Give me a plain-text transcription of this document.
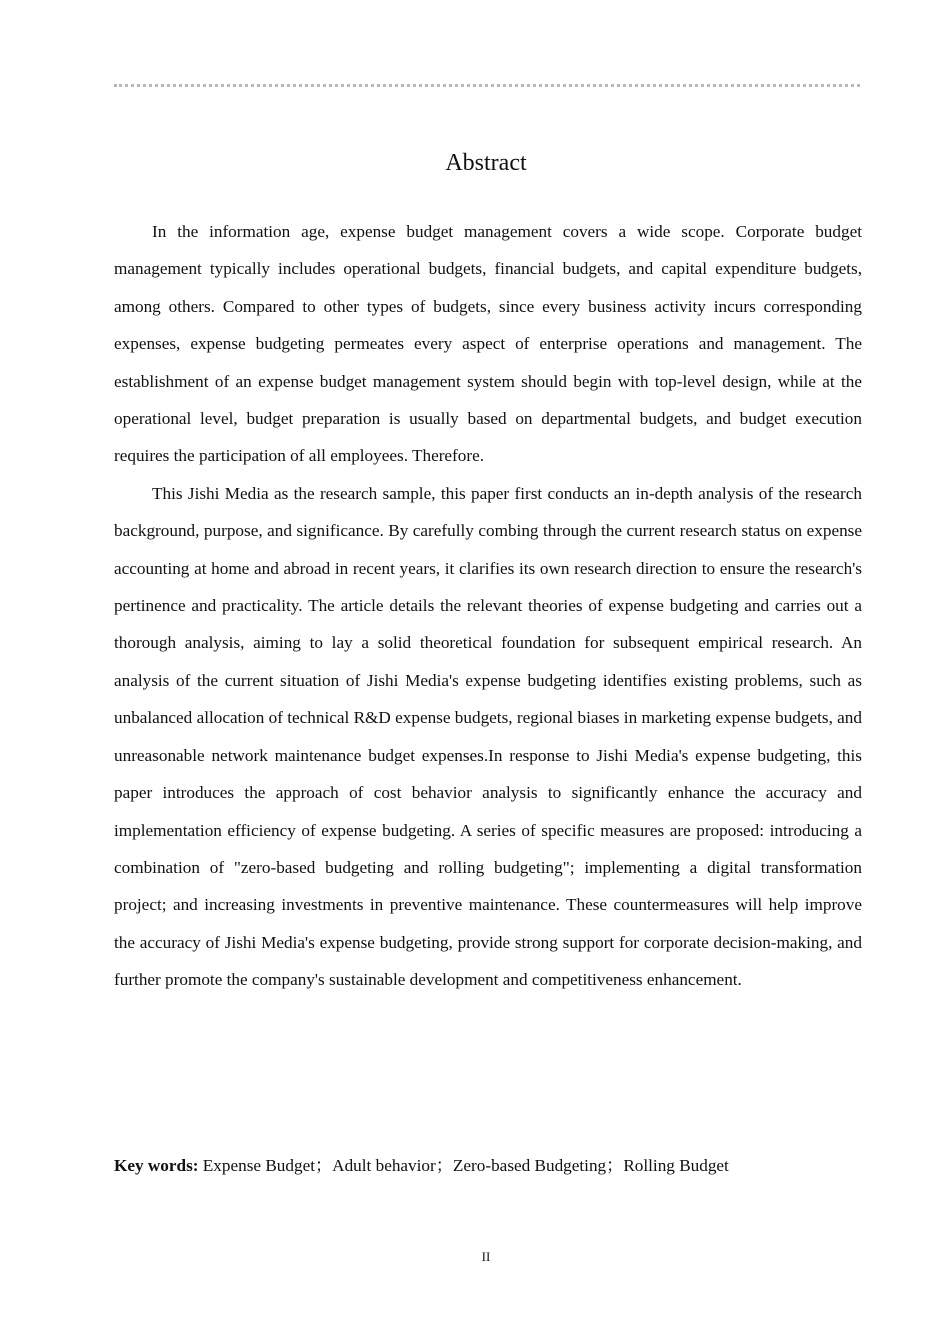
Abstract

In the information age, expense budget management covers a wide scope. Corporate budget management typically includes operational budgets, financial budgets, and capital expenditure budgets, among others. Compared to other types of budgets, since every business activity incurs corresponding expenses, expense budgeting permeates every aspect of enterprise operations and management. The establishment of an expense budget management system should begin with top-level design, while at the operational level, budget preparation is usually based on departmental budgets, and budget execution requires the participation of all employees. Therefore.

This Jishi Media as the research sample, this paper first conducts an in-depth analysis of the research background, purpose, and significance. By carefully combing through the current research status on expense accounting at home and abroad in recent years, it clarifies its own research direction to ensure the research's pertinence and practicality. The article details the relevant theories of expense budgeting and carries out a thorough analysis, aiming to lay a solid theoretical foundation for subsequent empirical research. An analysis of the current situation of Jishi Media's expense budgeting identifies existing problems, such as unbalanced allocation of technical R&D expense budgets, regional biases in marketing expense budgets, and unreasonable network maintenance budget expenses.In response to Jishi Media's expense budgeting, this paper introduces the approach of cost behavior analysis to significantly enhance the accuracy and implementation efficiency of expense budgeting. A series of specific measures are proposed: introducing a combination of "zero-based budgeting and rolling budgeting"; implementing a digital transformation project; and increasing investments in preventive maintenance. These countermeasures will help improve the accuracy of Jishi Media's expense budgeting, provide strong support for corporate decision-making, and further promote the company's sustainable development and competitiveness enhancement.

Key words: Expense Budget；Adult behavior；Zero-based Budgeting；Rolling Budget
II
